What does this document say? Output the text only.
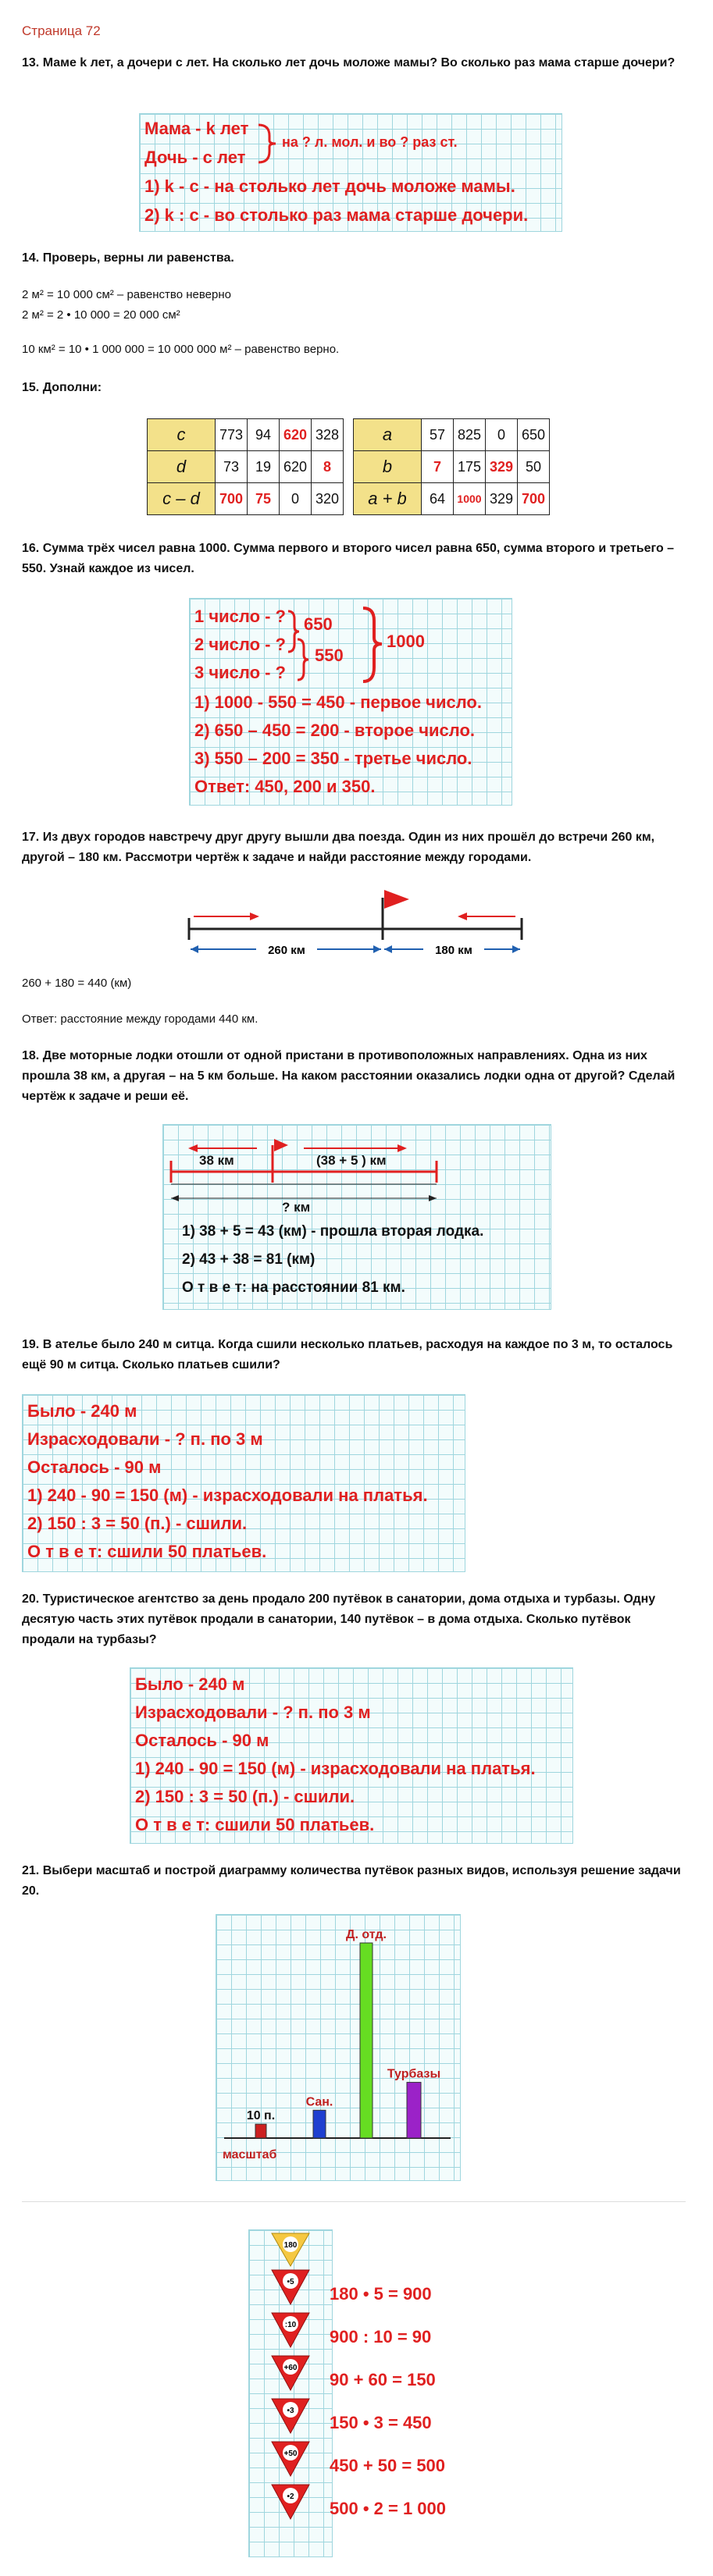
Страница 72
13. Маме k лет, а дочери с лет. На сколько лет дочь моложе мамы? Во сколько раз мама старше дочери?
Мама - k лет
Дочь - с лет
на ? л. мол. и во ? раз ст.
1) k - с - на столько лет дочь моложе мамы.
2) k : с - во столько раз мама старше дочери.
14. Проверь, верны ли равенства.
2 м² = 10 000 см² – равенство неверно
2 м² = 2 • 10 000 = 20 000 см²
10 км² = 10 • 1 000 000 = 10 000 000 м² – равенство верно.
15. Дополни:
c	773	94	620	328
d	73	19	620	8
c – d	700	75	0	320
a	57	825	0	650
b	7	175	329	50
a + b	64	1000	329	700
16. Сумма трёх чисел равна 1000. Сумма первого и второго чисел равна 650, сумма второго и третьего – 550. Узнай каждое из чисел.
1 число - ?
2 число - ?
3 число - ?
650
550
1000
1) 1000 - 550 = 450 - первое число.
2) 650 – 450 = 200 - второе число.
3) 550 – 200 = 350 - третье число.
Ответ: 450, 200 и 350.
17. Из двух городов навстречу друг другу вышли два поезда. Один из них прошёл до встречи 260 км, другой – 180 км. Рассмотри чертёж к задаче и найди расстояние между городами.
260 км	180 км
260 + 180 = 440 (км)
Ответ: расстояние между городами 440 км.
18. Две моторные лодки отошли от одной пристани в противоположных направлениях. Одна из них прошла 38 км, а другая – на 5 км больше. На каком расстоянии оказались лодки одна от другой? Сделай чертёж к задаче и реши её.
38 км	(38 + 5 ) км
? км
1) 38 + 5 = 43 (км) - прошла вторая лодка.
2) 43 + 38 = 81 (км)
О т в е т: на расстоянии 81 км.
19. В ателье было 240 м ситца. Когда сшили несколько платьев, расходуя на каждое по 3 м, то осталось ещё 90 м ситца. Сколько платьев сшили?
Было - 240 м
Израсходовали - ? п. по 3 м
Осталось - 90 м
1) 240 - 90 = 150 (м) - израсходовали на платья.
2) 150 : 3 = 50 (п.) - сшили.
О т в е т: сшили 50 платьев.
20. Туристическое агентство за день продало 200 путёвок в санатории, дома отдыха и турбазы. Одну десятую часть этих путёвок продали в санатории, 140 путёвок – в дома отдыха. Сколько путёвок продали на турбазы?
Было - 240 м
Израсходовали - ? п. по 3 м
Осталось - 90 м
1) 240 - 90 = 150 (м) - израсходовали на платья.
2) 150 : 3 = 50 (п.) - сшили.
О т в е т: сшили 50 платьев.
21. Выбери масштаб и построй диаграмму количества путёвок разных видов, используя решение задачи 20.
10 п.
Сан.
Д. отд.
Турбазы
масштаб
180
•5
:10
+60
•3
+50
•2
180 • 5 = 900
900 : 10 = 90
90 + 60 = 150
150 • 3 = 450
450 + 50 = 500
500 • 2 = 1 000
